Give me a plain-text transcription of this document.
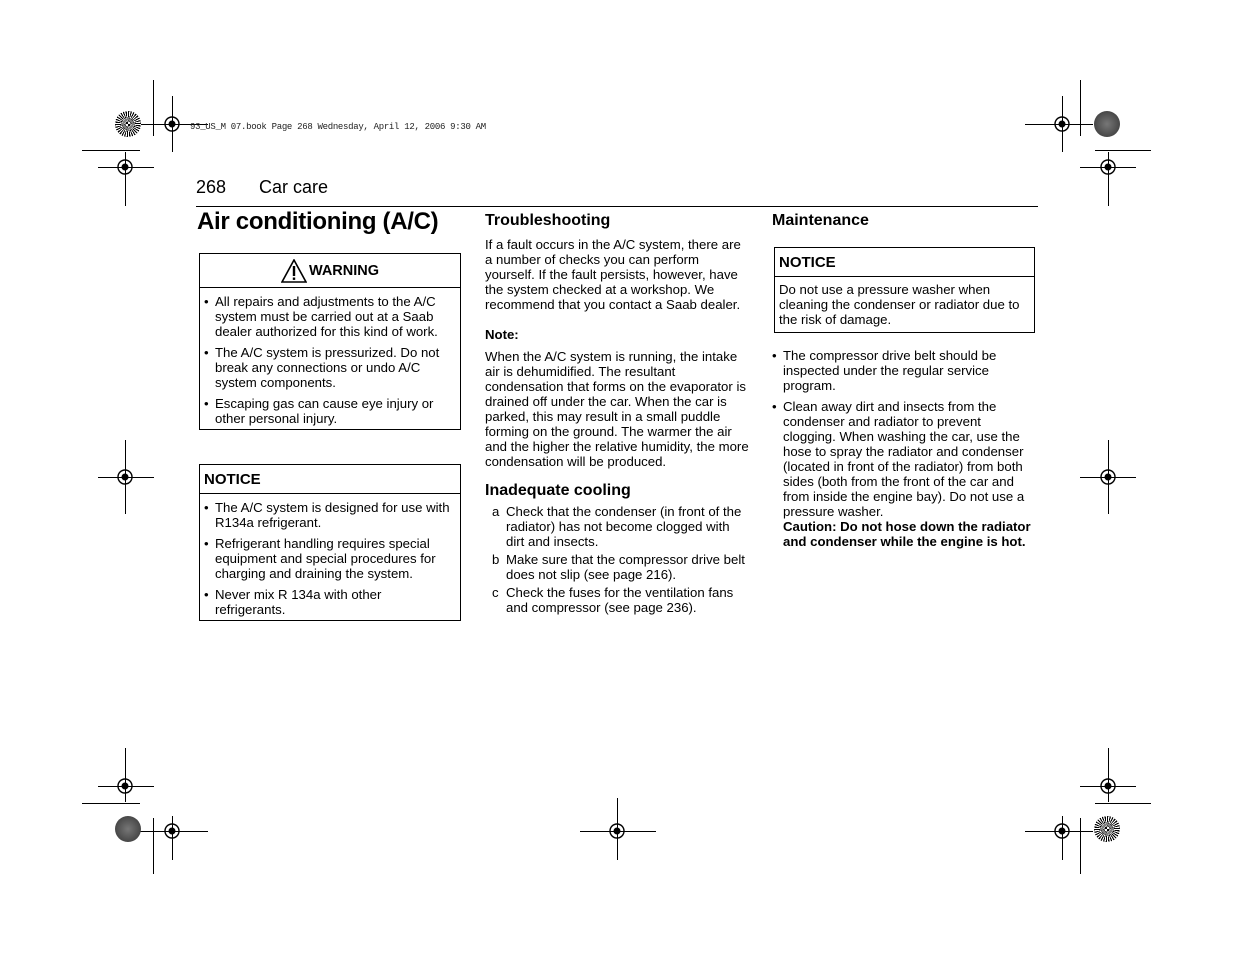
93_US_M 07.book Page 268 Wednesday, April 12, 2006 9:30 AM
268 Car care
Air conditioning (A/C)
WARNING
• All repairs and adjustments to the A/C system must be carried out at a Saab dealer authorized for this kind of work.
• The A/C system is pressurized. Do not break any connections or undo A/C system components.
• Escaping gas can cause eye injury or other personal injury.
NOTICE
• The A/C system is designed for use with R134a refrigerant.
• Refrigerant handling requires special equipment and special procedures for charging and draining the system.
• Never mix R 134a with other refrigerants.
Troubleshooting

If a fault occurs in the A/C system, there are a number of checks you can perform yourself. If the fault persists, however, have the system checked at a workshop. We recommend that you contact a Saab dealer.

Note:

When the A/C system is running, the intake air is dehumidified. The resultant condensation that forms on the evaporator is drained off under the car. When the car is parked, this may result in a small puddle forming on the ground. The warmer the air and the higher the relative humidity, the more condensation will be produced.

Inadequate cooling
a Check that the condenser (in front of the radiator) has not become clogged with dirt and insects.
b Make sure that the compressor drive belt does not slip (see page 216).
c Check the fuses for the ventilation fans and compressor (see page 236).
Maintenance
NOTICE

Do not use a pressure washer when cleaning the condenser or radiator due to the risk of damage.

• The compressor drive belt should be inspected under the regular service program.
• Clean away dirt and insects from the condenser and radiator to prevent clogging. When washing the car, use the hose to spray the radiator and condenser (located in front of the radiator) from both sides (both from the front of the car and from inside the engine bay). Do not use a pressure washer.
Caution: Do not hose down the radiator and condenser while the engine is hot.
